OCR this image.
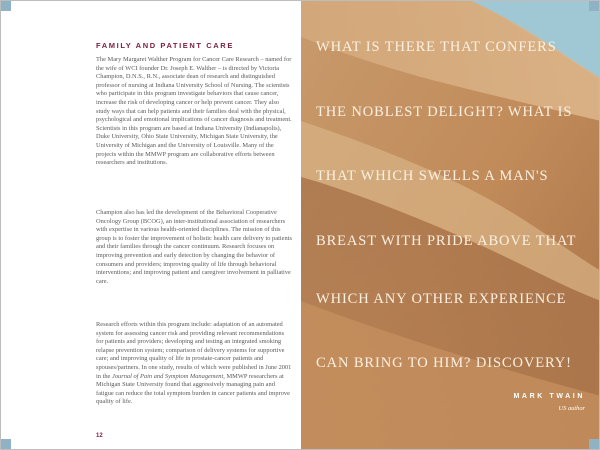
FAMILY AND PATIENT CARE

The Mary Margaret Walther Program for Cancer Care Research – named for the wife of WCI founder Dr. Joseph E. Walther – is directed by Victoria Champion, D.N.S., R.N., associate dean of research and distinguished professor of nursing at Indiana University School of Nursing. The scientists who participate in this program investigate behaviors that cause cancer, increase the risk of developing cancer or help prevent cancer. They also study ways that can help patients and their families deal with the physical, psychological and emotional implications of cancer diagnosis and treatment. Scientists in this program are based at Indiana University (Indianapolis), Duke University, Ohio State University, Michigan State University, the University of Michigan and the University of Louisville. Many of the projects within the MMWP program are collaborative efforts between researchers and institutions.

Champion also has led the development of the Behavioral Cooperative Oncology Group (BCOG), an inter-institutional association of researchers with expertise in various health-oriented disciplines. The mission of this group is to foster the improvement of holistic health care delivery to patients and their families through the cancer continuum. Research focuses on improving prevention and early detection by changing the behavior of consumers and providers; improving quality of life through behavioral interventions; and improving patient and caregiver involvement in palliative care.

Research efforts within this program include: adaptation of an automated system for assessing cancer risk and providing relevant recommendations for patients and providers; developing and testing an integrated smoking relapse prevention system; comparison of delivery systems for supportive care; and improving quality of life in prostate-cancer patients and spouses/partners. In one study, results of which were published in June 2001 in the Journal of Pain and Symptom Management, MMWP researchers at Michigan State University found that aggressively managing pain and fatigue can reduce the total symptom burden in cancer patients and improve quality of life.

12
WHAT IS THERE THAT CONFERS
THE NOBLEST DELIGHT? WHAT IS
THAT WHICH SWELLS A MAN'S
BREAST WITH PRIDE ABOVE THAT
WHICH ANY OTHER EXPERIENCE
CAN BRING TO HIM? DISCOVERY!
MARK TWAIN
US author
